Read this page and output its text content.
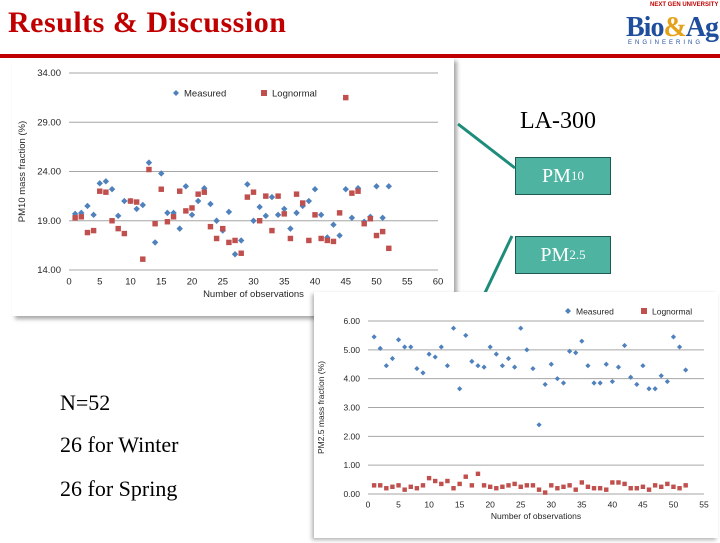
Results & Discussion
NEXT GEN UNIVERSITY
Bio&Ag
ENGINEERING
14.00
19.00
24.00
29.00
34.00
0	5 10 15 20 25 30 35 40 45 50 55 60
Number of observations
PM10 mass fraction (%)
Measured	Lognormal
LA-300
PM 10
PM 2.5
0.00
1.00
2.00
3.00
4.00
5.00
6.00
0	5	10 15 20 25 30 35 40 45 50 55
Number of observations
PM2.5 mass fraction (%)
Measured	Lognormal
N=52
26 for Winter
26 for Spring
